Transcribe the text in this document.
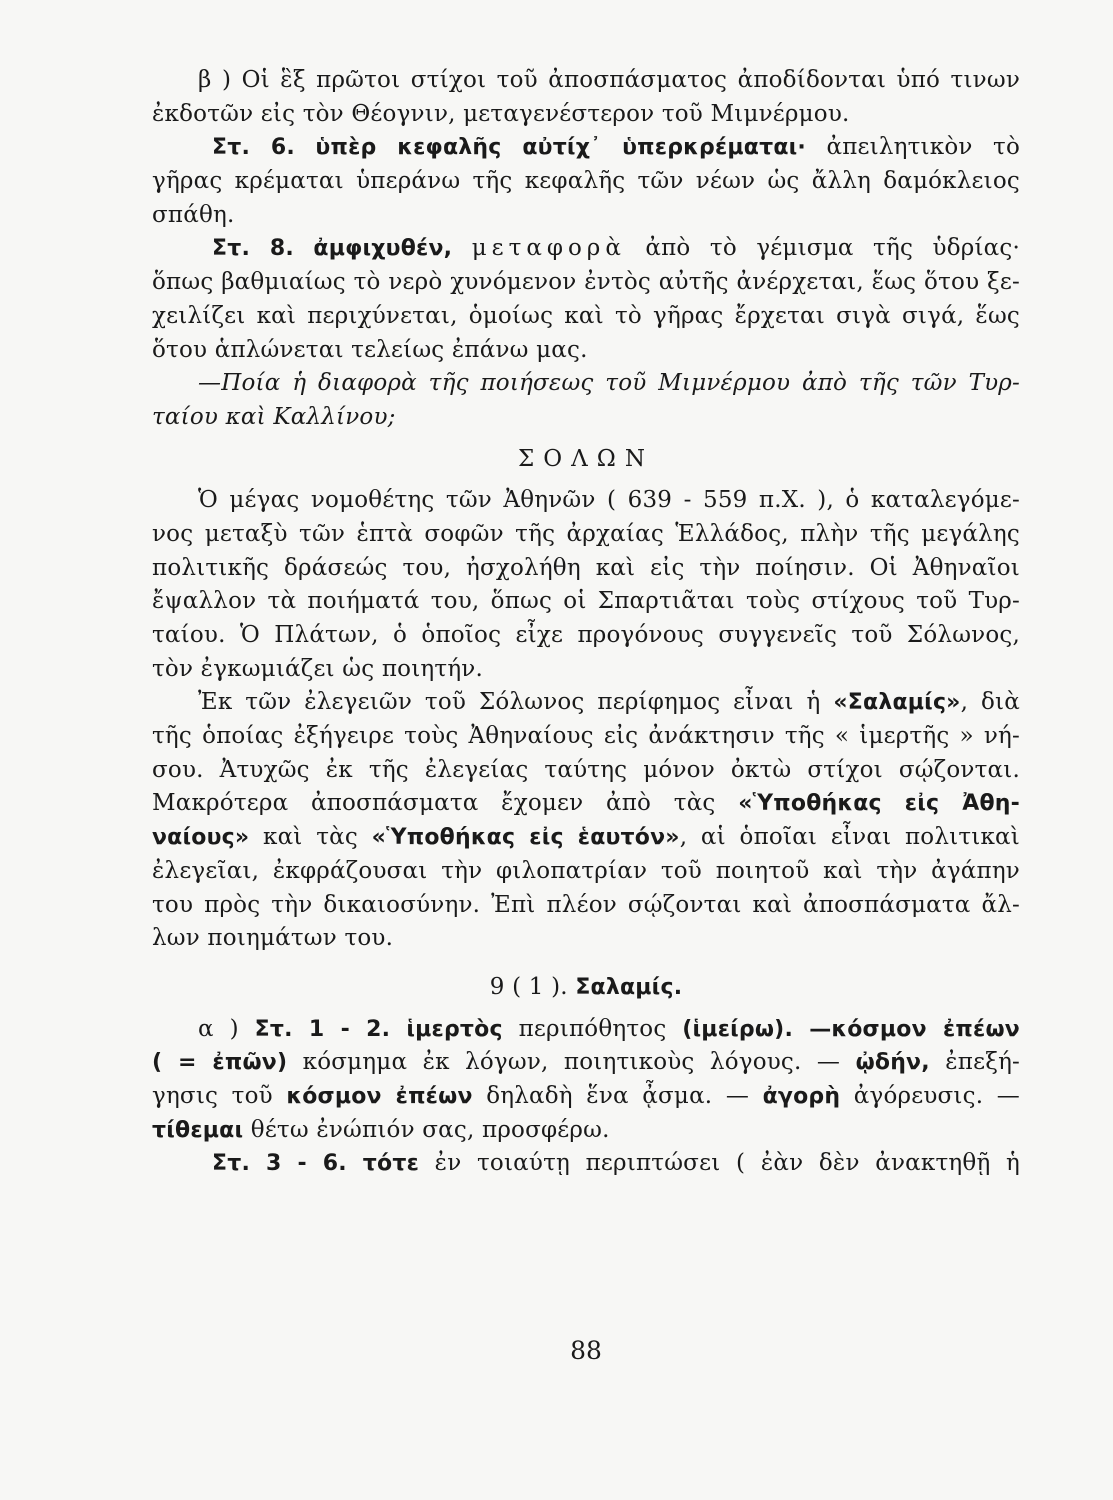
β ) Οἱ ἓξ πρῶτοι στίχοι τοῦ ἀποσπάσματος ἀποδίδονται ὑπό τινων
ἐκδοτῶν εἰς τὸν Θέογνιν, μεταγενέστερον τοῦ Μιμνέρμου.
Στ. 6. ὑπὲρ κεφαλῆς αὐτίχ᾽ ὑπερκρέμαται· ἀπειλητικὸν τὸ
γῆρας κρέμαται ὑπεράνω τῆς κεφαλῆς τῶν νέων ὡς ἄλλη δαμόκλειος
σπάθη.
Στ. 8. ἀμφιχυθέν, μεταφορὰ ἀπὸ τὸ γέμισμα τῆς ὑδρίας·
ὅπως βαθμιαίως τὸ νερὸ χυνόμενον ἐντὸς αὐτῆς ἀνέρχεται, ἕως ὅτου ξε-
χειλίζει καὶ περιχύνεται, ὁμοίως καὶ τὸ γῆρας ἔρχεται σιγὰ σιγά, ἕως
ὅτου ἁπλώνεται τελείως ἐπάνω μας.
—Ποία ἡ διαφορὰ τῆς ποιήσεως τοῦ Μιμνέρμου ἀπὸ τῆς τῶν Τυρ-
ταίου καὶ Καλλίνου;
ΣΟΛΩΝ
Ὁ μέγας νομοθέτης τῶν Ἀθηνῶν ( 639 - 559 π.Χ. ), ὁ καταλεγόμε-
νος μεταξὺ τῶν ἑπτὰ σοφῶν τῆς ἀρχαίας Ἑλλάδος, πλὴν τῆς μεγάλης
πολιτικῆς δράσεώς του, ἠσχολήθη καὶ εἰς τὴν ποίησιν. Οἱ Ἀθηναῖοι
ἔψαλλον τὰ ποιήματά του, ὅπως οἱ Σπαρτιᾶται τοὺς στίχους τοῦ Τυρ-
ταίου. Ὁ Πλάτων, ὁ ὁποῖος εἶχε προγόνους συγγενεῖς τοῦ Σόλωνος,
τὸν ἐγκωμιάζει ὡς ποιητήν.
Ἐκ τῶν ἐλεγειῶν τοῦ Σόλωνος περίφημος εἶναι ἡ «Σαλαμίς», διὰ
τῆς ὁποίας ἐξήγειρε τοὺς Ἀθηναίους εἰς ἀνάκτησιν τῆς « ἱμερτῆς » νή-
σου. Ἀτυχῶς ἐκ τῆς ἐλεγείας ταύτης μόνον ὀκτὼ στίχοι σῴζονται.
Μακρότερα ἀποσπάσματα ἔχομεν ἀπὸ τὰς «Ὑποθήκας εἰς Ἀθη-
ναίους» καὶ τὰς «Ὑποθήκας εἰς ἑαυτόν», αἱ ὁποῖαι εἶναι πολιτικαὶ
ἐλεγεῖαι, ἐκφράζουσαι τὴν φιλοπατρίαν τοῦ ποιητοῦ καὶ τὴν ἀγάπην
του πρὸς τὴν δικαιοσύνην. Ἐπὶ πλέον σῴζονται καὶ ἀποσπάσματα ἄλ-
λων ποιημάτων του.
9 ( 1 ). Σαλαμίς.
α ) Στ. 1 - 2. ἱμερτὸς περιπόθητος (ἱμείρω). —κόσμον ἐπέων
( = ἐπῶν) κόσμημα ἐκ λόγων, ποιητικοὺς λόγους. — ᾠδήν, ἐπεξή-
γησις τοῦ κόσμον ἐπέων δηλαδὴ ἕνα ᾆσμα. — ἀγορὴ ἀγόρευσις. —
τίθεμαι θέτω ἐνώπιόν σας, προσφέρω.
Στ. 3 - 6. τότε ἐν τοιαύτῃ περιπτώσει ( ἐὰν δὲν ἀνακτηθῇ ἡ
88
